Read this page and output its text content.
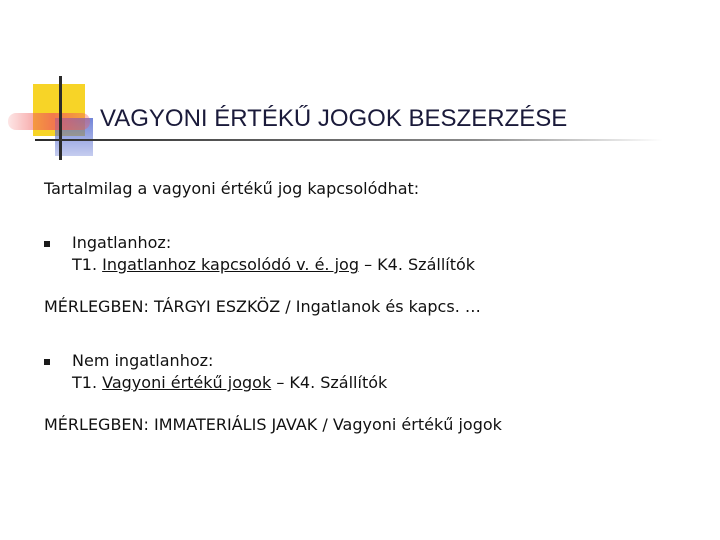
VAGYONI ÉRTÉKŰ JOGOK BESZERZÉSE

Tartalmilag a vagyoni értékű jog kapcsolódhat:

Ingatlanhoz:
T1. Ingatlanhoz kapcsolódó v. é. jog – K4. Szállítók

MÉRLEGBEN: TÁRGYI ESZKÖZ / Ingatlanok és kapcs. …

Nem ingatlanhoz:
T1. Vagyoni értékű jogok – K4. Szállítók

MÉRLEGBEN: IMMATERIÁLIS JAVAK / Vagyoni értékű jogok
